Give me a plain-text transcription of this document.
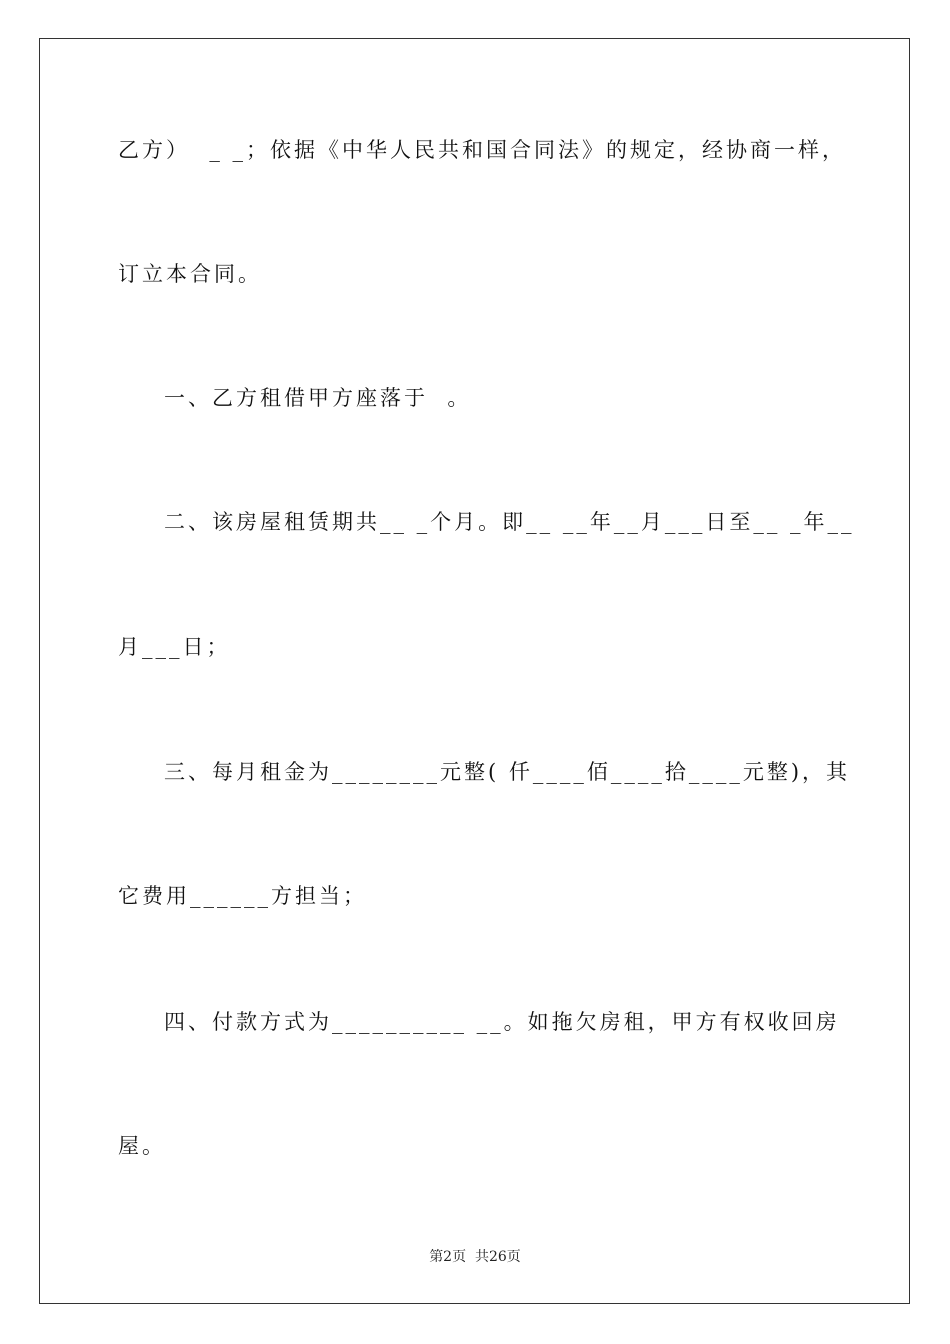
乙方）  _ _；依据《中华人民共和国合同法》的规定，经协商一样，
订立本合同。
一、乙方租借甲方座落于  。
二、该房屋租赁期共__ _个月。即__ __年__月___日至__ _年__
月___日；
三、每月租金为________元整( 仟____佰____拾____元整)，其
它费用______方担当；
四、付款方式为__________ __。如拖欠房租，甲方有权收回房
屋。
第2页  共26页
